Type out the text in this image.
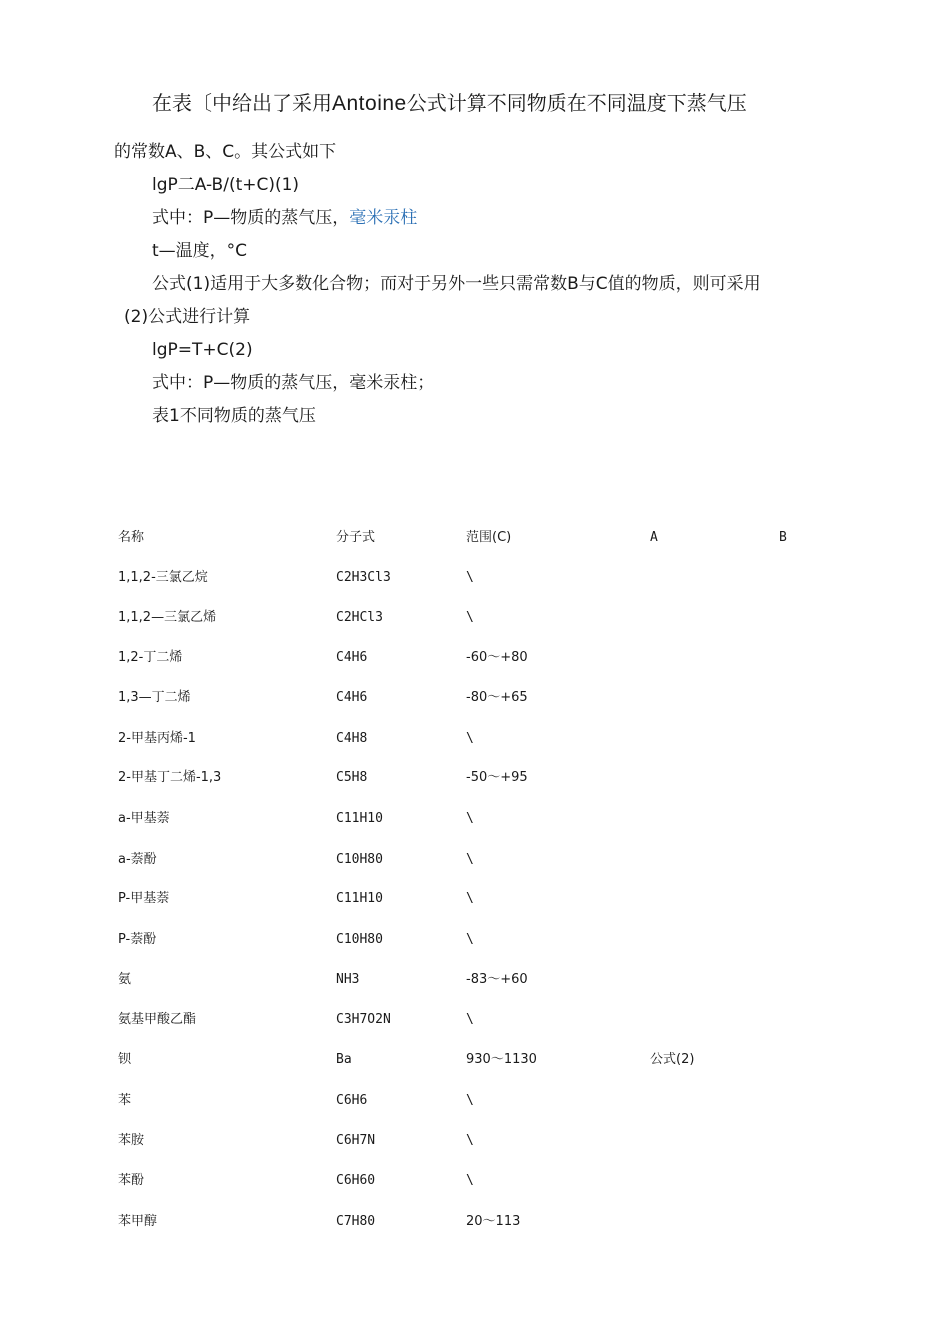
在表〔中给出了采用Antoine公式计算不同物质在不同温度下蒸气压
的常数A、B、C。其公式如下
lgP二A-B/(t+C)(1)
式中：P—物质的蒸气压，毫米汞柱
t—温度，°C
公式(1)适用于大多数化合物；而对于另外一些只需常数B与C值的物质，则可采用
(2)公式进行计算
lgP=T+C(2)
式中：P—物质的蒸气压，毫米汞柱；
表1不同物质的蒸气压
名称	分子式	范围(C)	A	B
1,1,2-三氯乙烷	C2H3Cl3	\
1,1,2—三氯乙烯	C2HCl3	\
1,2-丁二烯	C4H6	-60〜+80
1,3—丁二烯	C4H6	-80〜+65
2-甲基丙烯-1	C4H8	\
2-甲基丁二烯-1,3	C5H8	-50〜+95
a-甲基萘	C11H10	\
a-萘酚	C10H80	\
P-甲基萘	C11H10	\
P-萘酚	C10H80	\
氨	NH3	-83〜+60
氨基甲酸乙酯	C3H7O2N	\
钡	Ba	930〜1130	公式(2)
苯	C6H6	\
苯胺	C6H7N	\
苯酚	C6H60	\
苯甲醇	C7H80	20〜113
